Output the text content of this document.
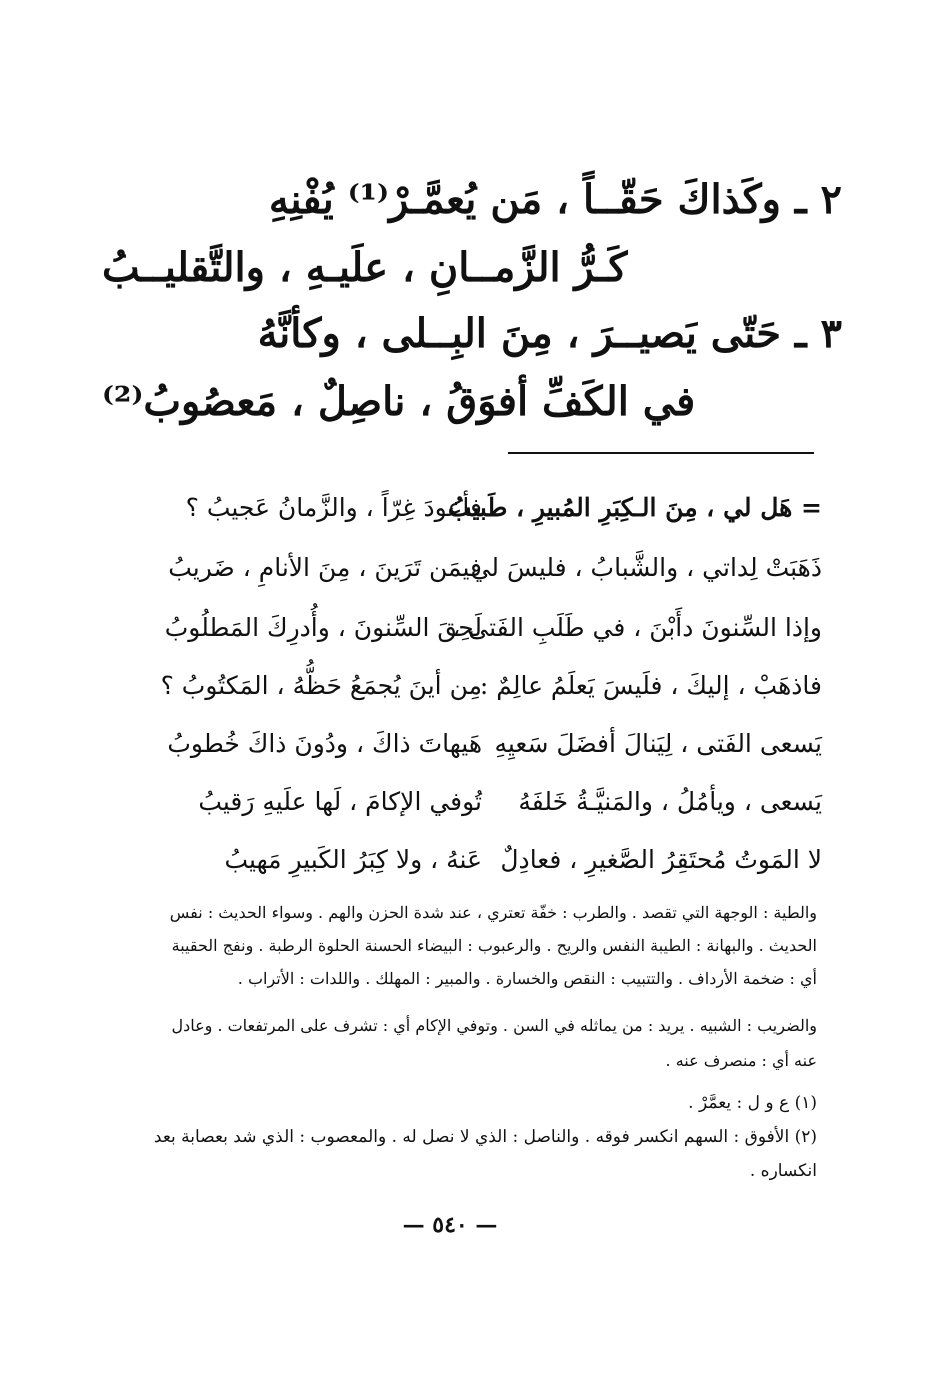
٢ ـ وكَذاكَ حَقّــاً ، مَن يُعمَّـرْ⁽¹⁾ يُفْنِهِ
كَـرُّ الزَّمــانِ ، علَيـهِ ، والتَّقليــبُ
٣ ـ حَتّى يَصيــرَ ، مِنَ البِــلى ، وكأنَّهُ
في الكَفِّ أفوَقُ ، ناصِلٌ ، مَعصُوبُ⁽²⁾
= هَل لي ، مِنَ الـكِبَرِ المُبيرِ ، طَبيبُ
فأعودَ غِرّاً ، والزَّمانُ عَجيبُ ؟
ذَهَبَتْ لِداتي ، والشَّبابُ ، فليسَ لي
فيمَن تَرَينَ ، مِنَ الأنامِ ، ضَريبُ
وإذا السِّنونَ دأَبْنَ ، في طَلَبِ الفَتى ،
لَحِقَ السِّنونَ ، وأُدرِكَ المَطلُوبُ
فاذهَبْ ، إليكَ ، فلَيسَ يَعلَمُ عالِمٌ :
مِن أينَ يُجمَعُ حَظُّهُ ، المَكتُوبُ ؟
يَسعى الفَتى ، لِيَنالَ أفضَلَ سَعيِهِ
هَيهاتَ ذاكَ ، ودُونَ ذاكَ خُطوبُ
يَسعى ، ويأمُلُ ، والمَنيَّـةُ خَلفَهُ
تُوفي الإكامَ ، لَها علَيهِ رَقيبُ
لا المَوتُ مُحتَقِرُ الصَّغيرِ ، فعادِلٌ
عَنهُ ، ولا كِبَرُ الكَبيرِ مَهيبُ
والطية : الوجهة التي تقصد . والطرب : خفّة تعتري ، عند شدة الحزن والهم . وسواء الحديث : نفس
الحديث . والبهانة : الطيبة النفس والريح . والرعبوب : البيضاء الحسنة الحلوة الرطبة . ونفج الحقيبة
أي : ضخمة الأرداف . والتتبيب : النقص والخسارة . والمبير : المهلك . واللدات : الأتراب .
والضريب : الشبيه . يريد : من يماثله في السن . وتوفي الإكام أي : تشرف على المرتفعات . وعادل
عنه أي : منصرف عنه .
(١) ع و ل : يعمَّرْ .
(٢) الأفوق : السهم انكسر فوقه . والناصل : الذي لا نصل له . والمعصوب : الذي شد بعصابة بعد
انكساره .
— ٥٤٠ —
